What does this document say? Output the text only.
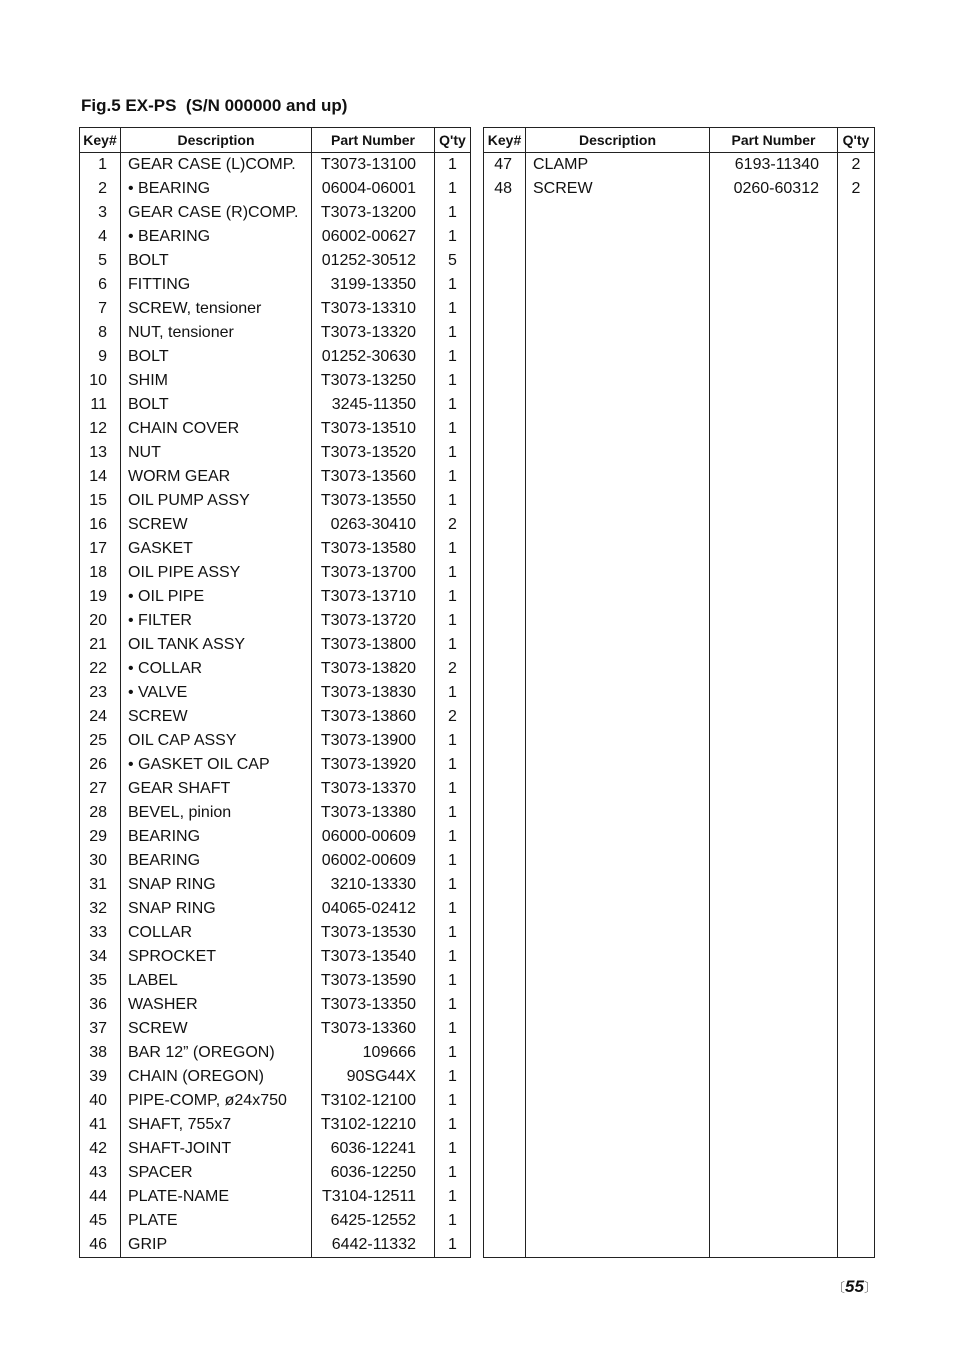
Fig.5 EX-PS  (S/N 000000 and up)
Key#	Description	Part Number	Q'ty
1	GEAR CASE (L)COMP.	T3073-13100	1
2	• BEARING	06004-06001	1
3	GEAR CASE (R)COMP.	T3073-13200	1
4	• BEARING	06002-00627	1
5	BOLT	01252-30512	5
6	FITTING	3199-13350	1
7	SCREW, tensioner	T3073-13310	1
8	NUT, tensioner	T3073-13320	1
9	BOLT	01252-30630	1
10	SHIM	T3073-13250	1
11	BOLT	3245-11350	1
12	CHAIN COVER	T3073-13510	1
13	NUT	T3073-13520	1
14	WORM GEAR	T3073-13560	1
15	OIL PUMP ASSY	T3073-13550	1
16	SCREW	0263-30410	2
17	GASKET	T3073-13580	1
18	OIL PIPE ASSY	T3073-13700	1
19	• OIL PIPE	T3073-13710	1
20	• FILTER	T3073-13720	1
21	OIL TANK ASSY	T3073-13800	1
22	• COLLAR	T3073-13820	2
23	• VALVE	T3073-13830	1
24	SCREW	T3073-13860	2
25	OIL CAP ASSY	T3073-13900	1
26	• GASKET OIL CAP	T3073-13920	1
27	GEAR SHAFT	T3073-13370	1
28	BEVEL, pinion	T3073-13380	1
29	BEARING	06000-00609	1
30	BEARING	06002-00609	1
31	SNAP RING	3210-13330	1
32	SNAP RING	04065-02412	1
33	COLLAR	T3073-13530	1
34	SPROCKET	T3073-13540	1
35	LABEL	T3073-13590	1
36	WASHER	T3073-13350	1
37	SCREW	T3073-13360	1
38	BAR 12” (OREGON)	109666	1
39	CHAIN (OREGON)	90SG44X	1
40	PIPE-COMP, ø24x750	T3102-12100	1
41	SHAFT, 755x7	T3102-12210	1
42	SHAFT-JOINT	6036-12241	1
43	SPACER	6036-12250	1
44	PLATE-NAME	T3104-12511	1
45	PLATE	6425-12552	1
46	GRIP	6442-11332	1
Key#	Description	Part Number	Q'ty
47	CLAMP	6193-11340	2
48	SCREW	0260-60312	2

〔55〕
